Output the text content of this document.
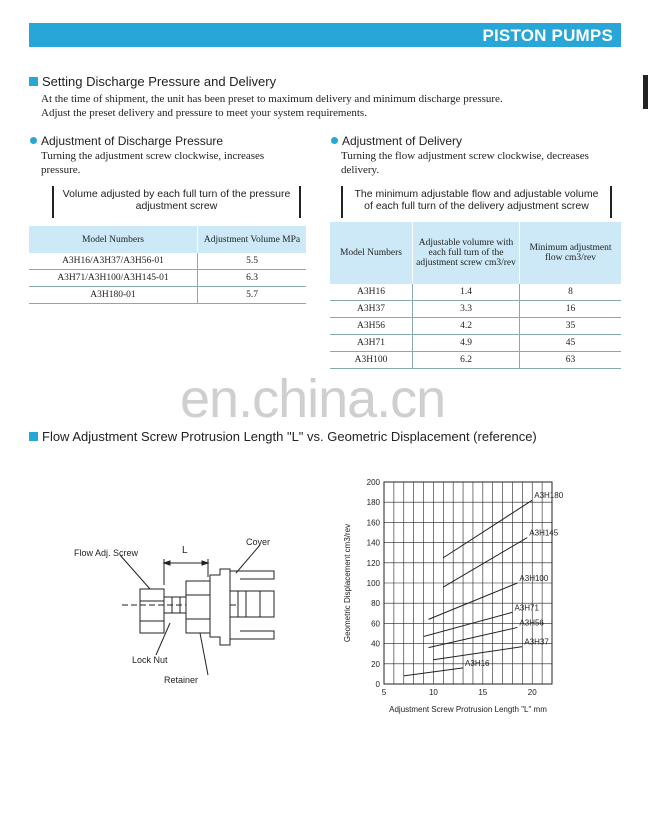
PISTON PUMPS
Setting Discharge Pressure and Delivery
At the time of shipment, the unit has been preset to maximum delivery and minimum discharge pressure.
Adjust the preset delivery and pressure to meet your system requirements.
Adjustment of Discharge Pressure
Turning the adjustment screw clockwise, increases
pressure.
Volume adjusted by each full turn of the pressure adjustment screw
Model Numbers	Adjustment Volume MPa
A3H16/A3H37/A3H56-01	5.5
A3H71/A3H100/A3H145-01	6.3
A3H180-01	5.7
Adjustment of Delivery
Turning the flow adjustment screw clockwise, decreases
delivery.
The minimum adjustable flow and adjustable volume of each full turn of the delivery adjustment screw
Model Numbers	Adjustable volumre with each full turn of the adjustment screw cm3/rev	Minimum adjustment flow cm3/rev
A3H16	1.4	8
A3H37	3.3	16
A3H56	4.2	35
A3H71	4.9	45
A3H100	6.2	63
en.china.cn
Flow Adjustment Screw Protrusion Length "L" vs. Geometric Displacement (reference)
Flow Adj. Screw
Cover
L
Lock Nut
Retainer	0
20
40
60
80
100
120
140
160
180
200
5	10	15	20
A3H180
A3H145
A3H100
A3H71
A3H56
A3H37
A3H16
Adjustment Screw Protrusion Length "L" mm
Geometric Displacement cm3/rev
